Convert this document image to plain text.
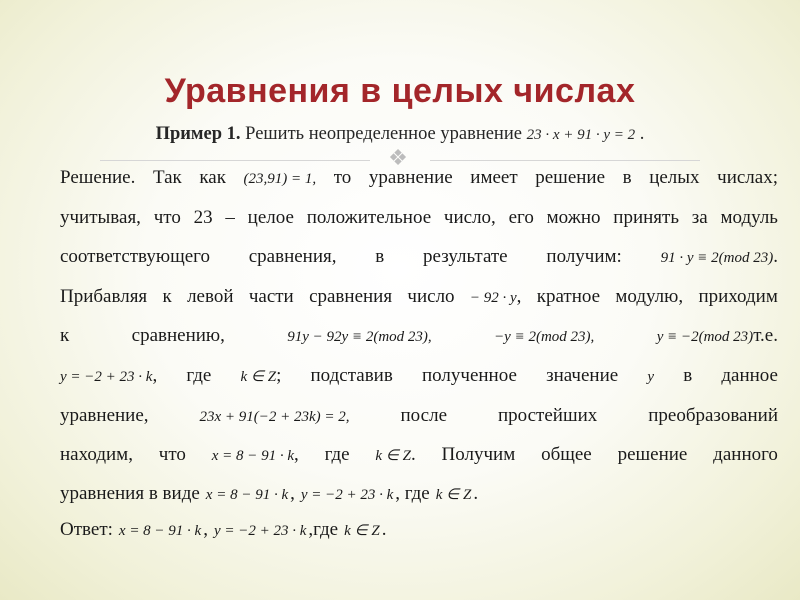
Уравнения в целых числах
Пример 1. Решить неопределенное уравнение 23 · x + 91 · y = 2 .
❖
Решение. Так как (23,91) = 1, то уравнение имеет решение в целых числах;
учитывая, что 23 – целое положительное число, его можно принять за модуль
соответствующего сравнения, в результате получим:	91 · y ≡ 2(mod 23).
Прибавляя к левой части сравнения число − 92 · y, кратное модулю, приходим
к	сравнению,	91y − 92y ≡ 2(mod 23),	−y ≡ 2(mod 23),	y ≡ −2(mod 23)т.е.
y = −2 + 23 · k, где k ∈ Z; подставив полученное значение y в данное
уравнение,	23x + 91(−2 + 23k) = 2,	после	простейших	преобразований
находим, что x = 8 − 91 · k, где k ∈ Z. Получим общее решение данного
уравнения в виде x = 8 − 91 · k , y = −2 + 23 · k , где k ∈ Z .
Ответ: x = 8 − 91 · k , y = −2 + 23 · k ,где k ∈ Z .
